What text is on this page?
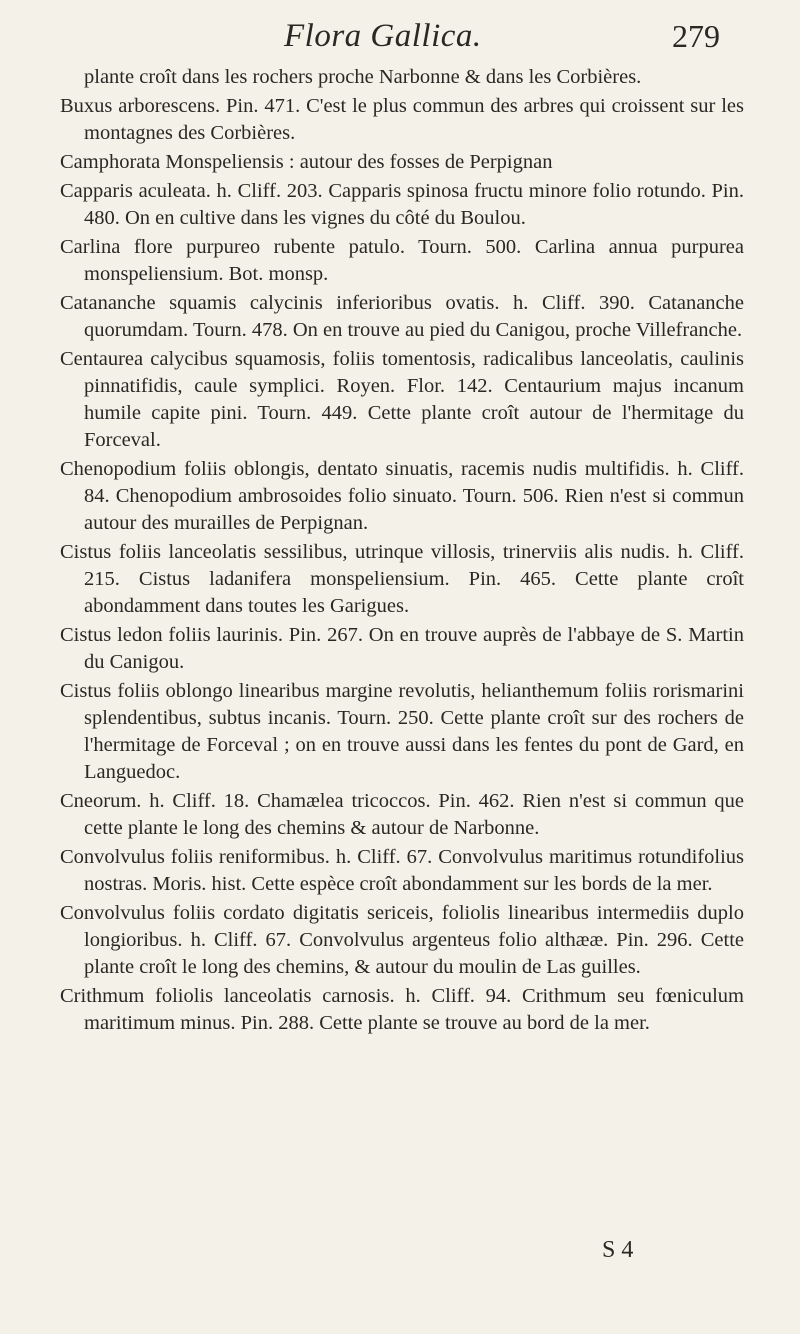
Flora Gallica.	279

plante croît dans les rochers proche Narbonne & dans les Corbières.

Buxus arborescens. Pin. 471. C'est le plus commun des arbres qui croissent sur les montagnes des Corbières.

Camphorata Monspeliensis : autour des fosses de Perpignan

Capparis aculeata. h. Cliff. 203. Capparis spinosa fructu minore folio rotundo. Pin. 480. On en cultive dans les vignes du côté du Boulou.

Carlina flore purpureo rubente patulo. Tourn. 500. Carlina annua purpurea monspeliensium. Bot. monsp.

Catananche squamis calycinis inferioribus ovatis. h. Cliff. 390. Catananche quorumdam. Tourn. 478. On en trouve au pied du Canigou, proche Villefranche.

Centaurea calycibus squamosis, foliis tomentosis, radicalibus lanceolatis, caulinis pinnatifidis, caule symplici. Royen. Flor. 142. Centaurium majus incanum humile capite pini. Tourn. 449. Cette plante croît autour de l'hermitage du Forceval.

Chenopodium foliis oblongis, dentato sinuatis, racemis nudis multifidis. h. Cliff. 84. Chenopodium ambrosoides folio sinuato. Tourn. 506. Rien n'est si commun autour des murailles de Perpignan.

Cistus foliis lanceolatis sessilibus, utrinque villosis, trinerviis alis nudis. h. Cliff. 215. Cistus ladanifera monspeliensium. Pin. 465. Cette plante croît abondamment dans toutes les Garigues.

Cistus ledon foliis laurinis. Pin. 267. On en trouve auprès de l'abbaye de S. Martin du Canigou.

Cistus foliis oblongo linearibus margine revolutis, helianthemum foliis rorismarini splendentibus, subtus incanis. Tourn. 250. Cette plante croît sur des rochers de l'hermitage de Forceval ; on en trouve aussi dans les fentes du pont de Gard, en Languedoc.

Cneorum. h. Cliff. 18. Chamælea tricoccos. Pin. 462. Rien n'est si commun que cette plante le long des chemins & autour de Narbonne.

Convolvulus foliis reniformibus. h. Cliff. 67. Convolvulus maritimus rotundifolius nostras. Moris. hist. Cette espèce croît abondamment sur les bords de la mer.

Convolvulus foliis cordato digitatis sericeis, foliolis linearibus intermediis duplo longioribus. h. Cliff. 67. Convolvulus argenteus folio althææ. Pin. 296. Cette plante croît le long des chemins, & autour du moulin de Las guilles.

Crithmum foliolis lanceolatis carnosis. h. Cliff. 94. Crithmum seu fœniculum maritimum minus. Pin. 288. Cette plante se trouve au bord de la mer.

S 4
